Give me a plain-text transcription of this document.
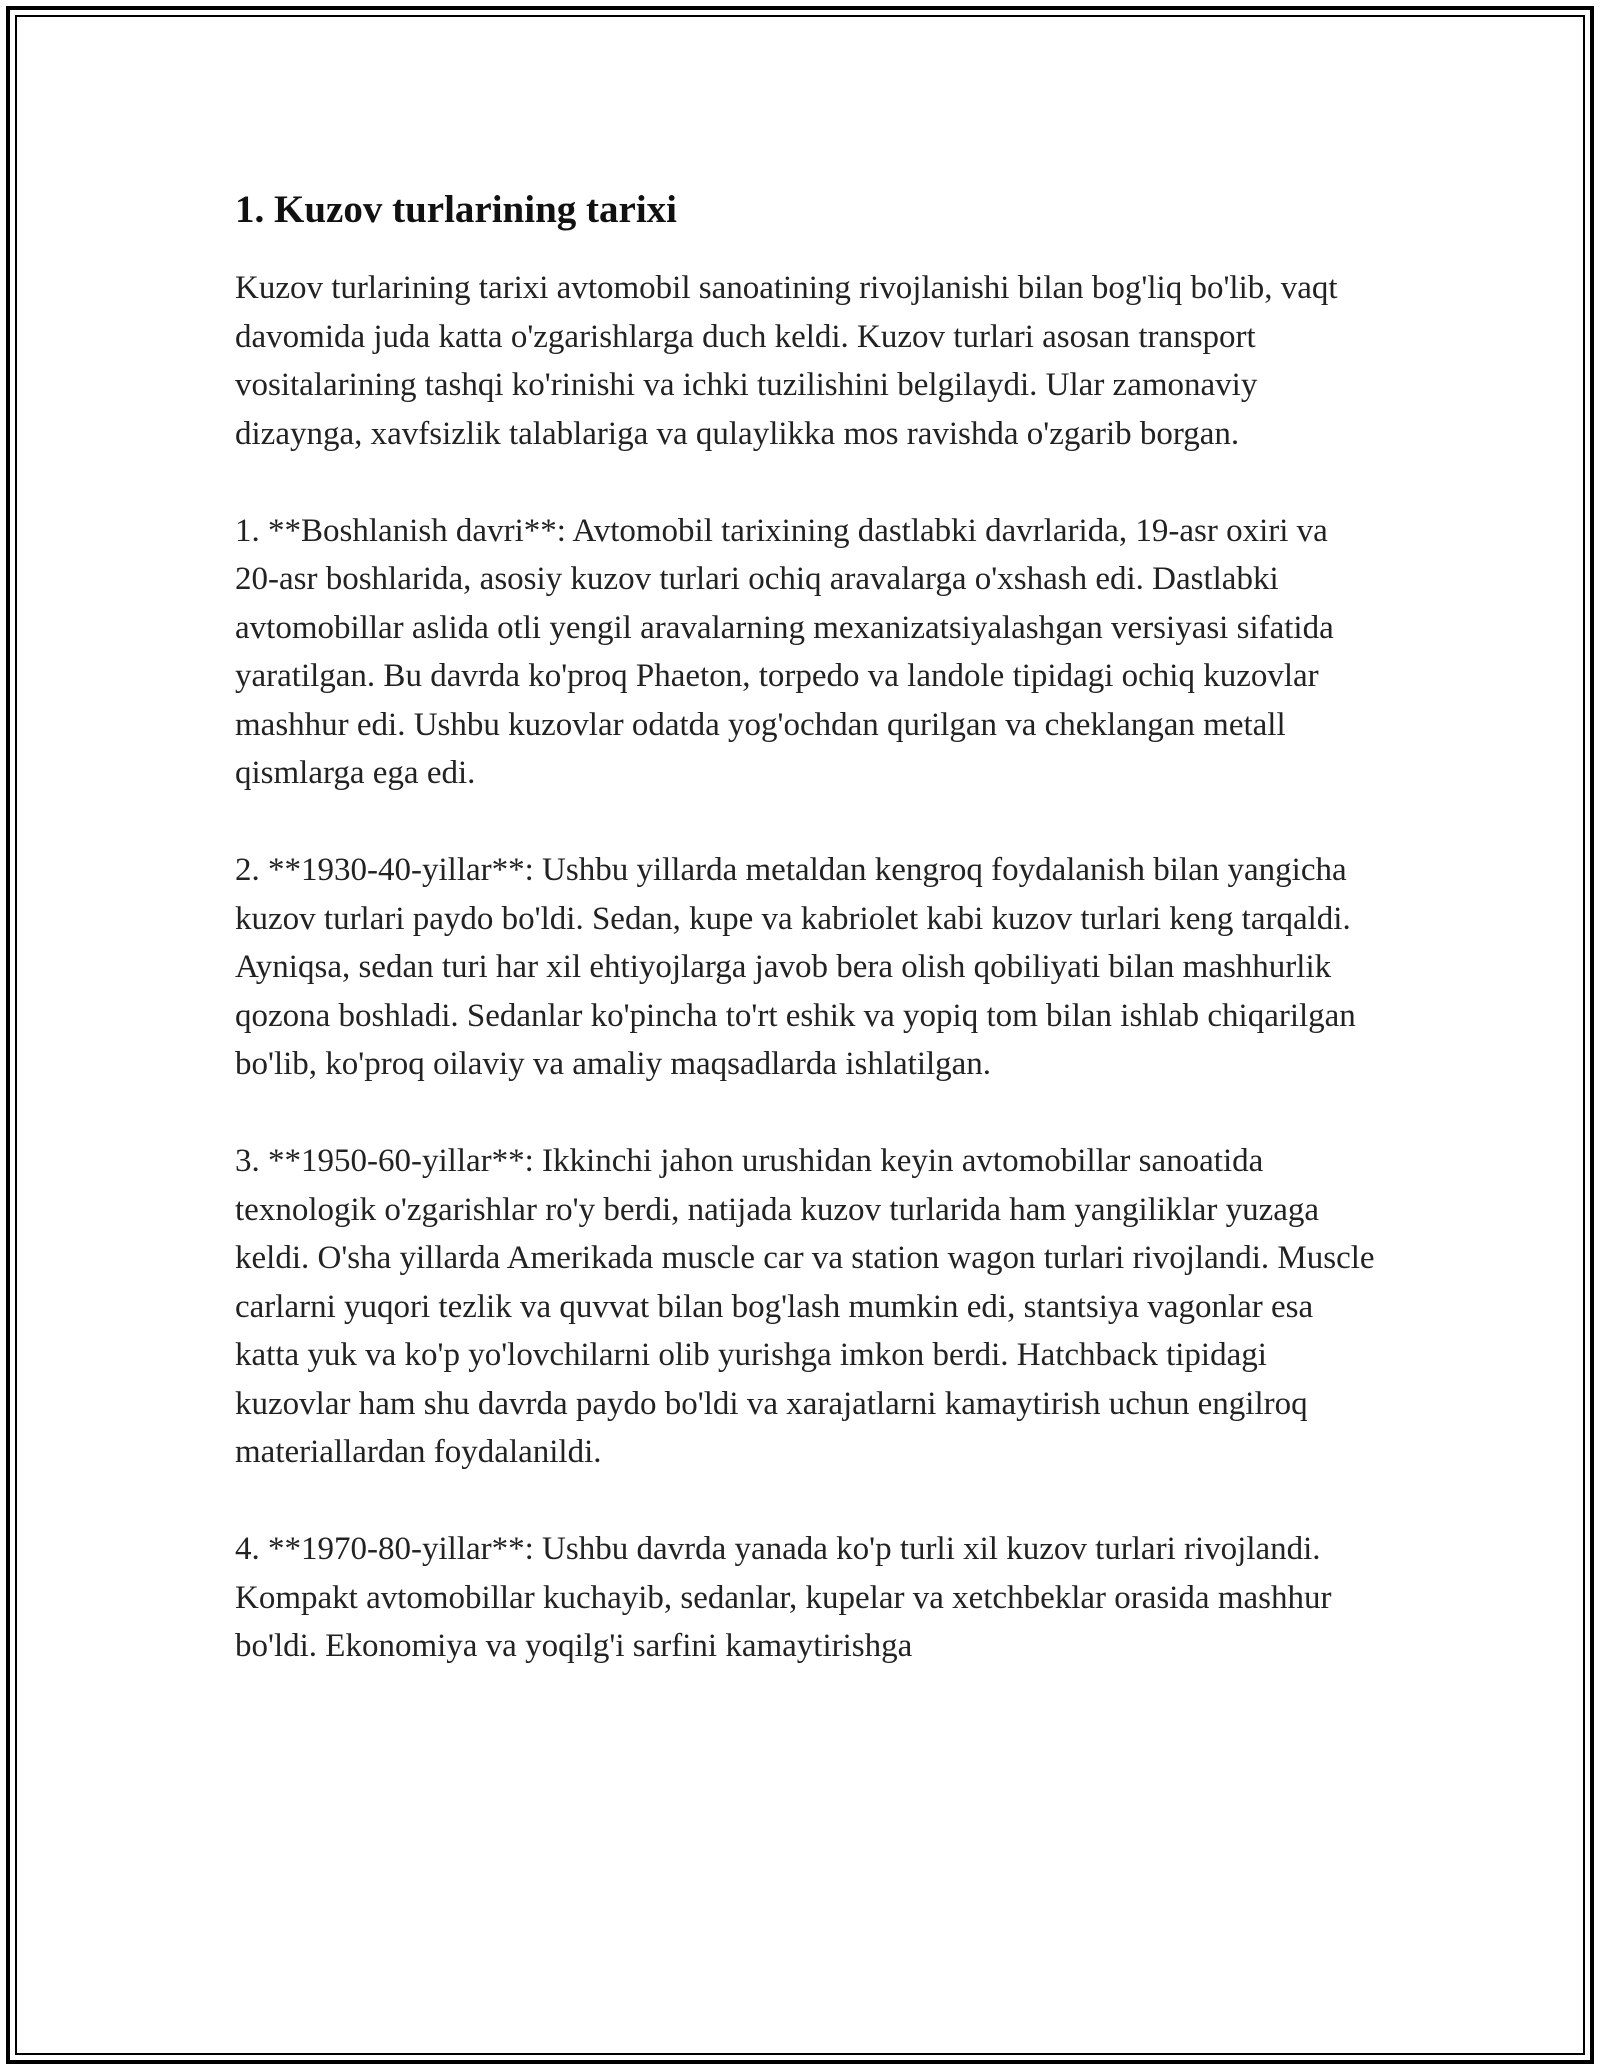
1. Kuzov turlarining tarixi

Kuzov turlarining tarixi avtomobil sanoatining rivojlanishi bilan bog'liq bo'lib, vaqt davomida juda katta o'zgarishlarga duch keldi. Kuzov turlari asosan transport vositalarining tashqi ko'rinishi va ichki tuzilishini belgilaydi. Ular zamonaviy dizaynga, xavfsizlik talablariga va qulaylikka mos ravishda o'zgarib borgan.

1. **Boshlanish davri**: Avtomobil tarixining dastlabki davrlarida, 19-asr oxiri va 20-asr boshlarida, asosiy kuzov turlari ochiq aravalarga o'xshash edi. Dastlabki avtomobillar aslida otli yengil aravalarning mexanizatsiyalashgan versiyasi sifatida yaratilgan. Bu davrda ko'proq Phaeton, torpedo va landole tipidagi ochiq kuzovlar mashhur edi. Ushbu kuzovlar odatda yog'ochdan qurilgan va cheklangan metall qismlarga ega edi.

2. **1930-40-yillar**: Ushbu yillarda metaldan kengroq foydalanish bilan yangicha kuzov turlari paydo bo'ldi. Sedan, kupe va kabriolet kabi kuzov turlari keng tarqaldi. Ayniqsa, sedan turi har xil ehtiyojlarga javob bera olish qobiliyati bilan mashhurlik qozona boshladi. Sedanlar ko'pincha to'rt eshik va yopiq tom bilan ishlab chiqarilgan bo'lib, ko'proq oilaviy va amaliy maqsadlarda ishlatilgan.

3. **1950-60-yillar**: Ikkinchi jahon urushidan keyin avtomobillar sanoatida texnologik o'zgarishlar ro'y berdi, natijada kuzov turlarida ham yangiliklar yuzaga keldi. O'sha yillarda Amerikada muscle car va station wagon turlari rivojlandi. Muscle carlarni yuqori tezlik va quvvat bilan bog'lash mumkin edi, stantsiya vagonlar esa katta yuk va ko'p yo'lovchilarni olib yurishga imkon berdi. Hatchback tipidagi kuzovlar ham shu davrda paydo bo'ldi va xarajatlarni kamaytirish uchun engilroq materiallardan foydalanildi.

4. **1970-80-yillar**: Ushbu davrda yanada ko'p turli xil kuzov turlari rivojlandi. Kompakt avtomobillar kuchayib, sedanlar, kupelar va xetchbeklar orasida mashhur bo'ldi. Ekonomiya va yoqilg'i sarfini kamaytirishga
